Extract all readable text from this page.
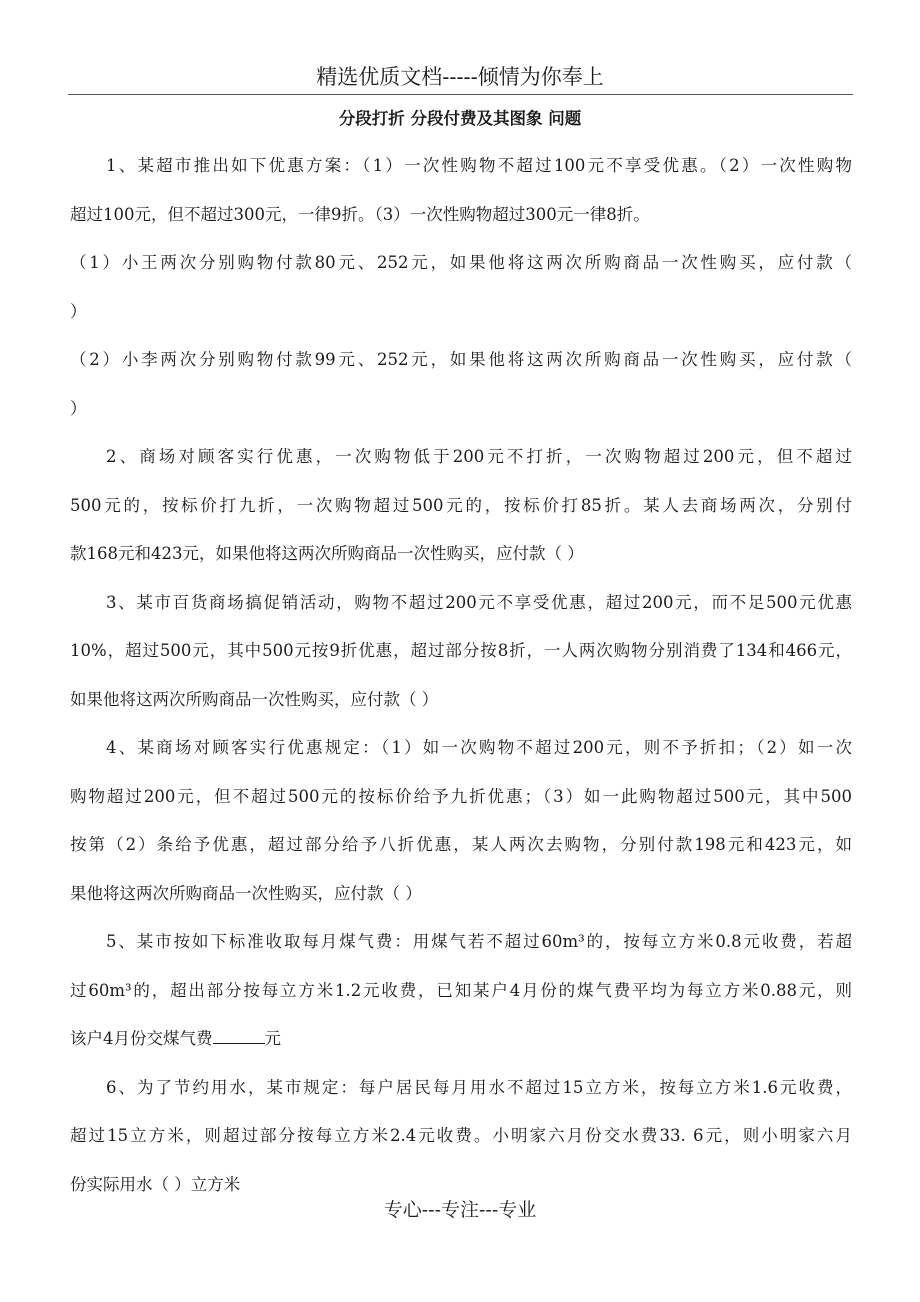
精选优质文档-----倾情为你奉上
分段打折 分段付费及其图象 问题
1、某超市推出如下优惠方案：（1）一次性购物不超过100元不享受优惠。（2）一次性购物
超过100元，但不超过300元，一律9折。（3）一次性购物超过300元一律8折。
（1）小王两次分别购物付款80元、252元，如果他将这两次所购商品一次性购买，应付款（
）
（2）小李两次分别购物付款99元、252元，如果他将这两次所购商品一次性购买，应付款（
）
2、商场对顾客实行优惠，一次购物低于200元不打折，一次购物超过200元，但不超过
500元的，按标价打九折，一次购物超过500元的，按标价打85折。某人去商场两次，分别付
款168元和423元，如果他将这两次所购商品一次性购买，应付款（ ）
3、某市百货商场搞促销活动，购物不超过200元不享受优惠，超过200元，而不足500元优惠
10%，超过500元，其中500元按9折优惠，超过部分按8折，一人两次购物分别消费了134和466元，
如果他将这两次所购商品一次性购买，应付款（ ）
4、某商场对顾客实行优惠规定：（1）如一次购物不超过200元，则不予折扣；（2）如一次
购物超过200元，但不超过500元的按标价给予九折优惠；（3）如一此购物超过500元，其中500
按第（2）条给予优惠，超过部分给予八折优惠，某人两次去购物，分别付款198元和423元，如
果他将这两次所购商品一次性购买，应付款（ ）
5、某市按如下标准收取每月煤气费：用煤气若不超过60m³的，按每立方米0.8元收费，若超
过60m³的，超出部分按每立方米1.2元收费，已知某户4月份的煤气费平均为每立方米0.88元，则
该户4月份交煤气费	元
6、为了节约用水，某市规定：每户居民每月用水不超过15立方米，按每立方米1.6元收费，
超过15立方米，则超过部分按每立方米2.4元收费。小明家六月份交水费33. 6元，则小明家六月
份实际用水（ ）立方米
专心---专注---专业
